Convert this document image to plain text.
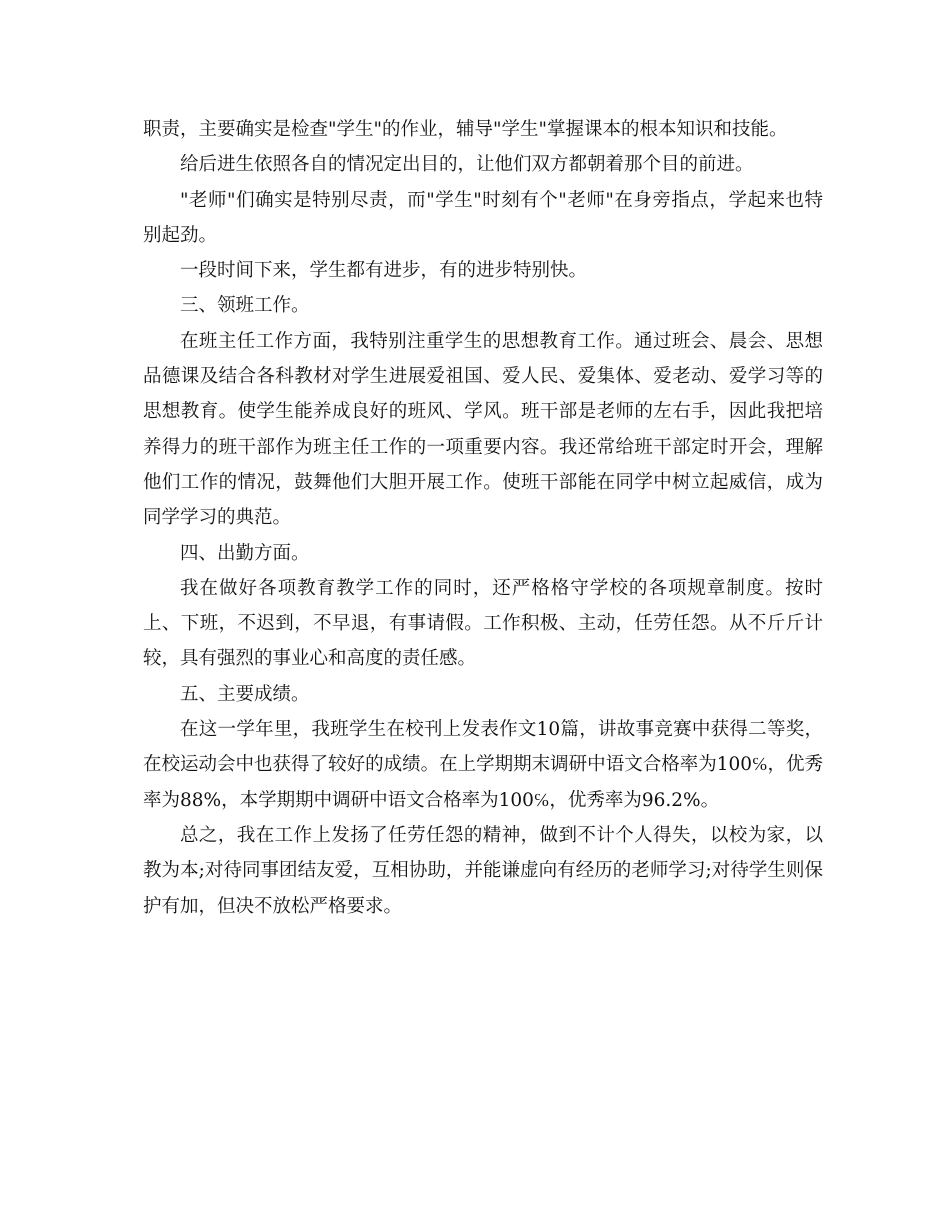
职责，主要确实是检查"学生"的作业，辅导"学生"掌握课本的根本知识和技能。

给后进生依照各自的情况定出目的，让他们双方都朝着那个目的前进。

"老师"们确实是特别尽责，而"学生"时刻有个"老师"在身旁指点，学起来也特别起劲。

一段时间下来，学生都有进步，有的进步特别快。

三、领班工作。

在班主任工作方面，我特别注重学生的思想教育工作。通过班会、晨会、思想品德课及结合各科教材对学生进展爱祖国、爱人民、爱集体、爱老动、爱学习等的思想教育。使学生能养成良好的班风、学风。班干部是老师的左右手，因此我把培养得力的班干部作为班主任工作的一项重要内容。我还常给班干部定时开会，理解他们工作的情况，鼓舞他们大胆开展工作。使班干部能在同学中树立起威信，成为同学学习的典范。

四、出勤方面。

我在做好各项教育教学工作的同时，还严格格守学校的各项规章制度。按时上、下班，不迟到，不早退，有事请假。工作积极、主动，任劳任怨。从不斤斤计较，具有强烈的事业心和高度的责任感。

五、主要成绩。

在这一学年里，我班学生在校刊上发表作文10篇，讲故事竞赛中获得二等奖，在校运动会中也获得了较好的成绩。在上学期期末调研中语文合格率为100℅，优秀率为88%，本学期期中调研中语文合格率为100℅，优秀率为96.2%。

总之，我在工作上发扬了任劳任怨的精神，做到不计个人得失，以校为家，以教为本;对待同事团结友爱，互相协助，并能谦虚向有经历的老师学习;对待学生则保护有加，但决不放松严格要求。
